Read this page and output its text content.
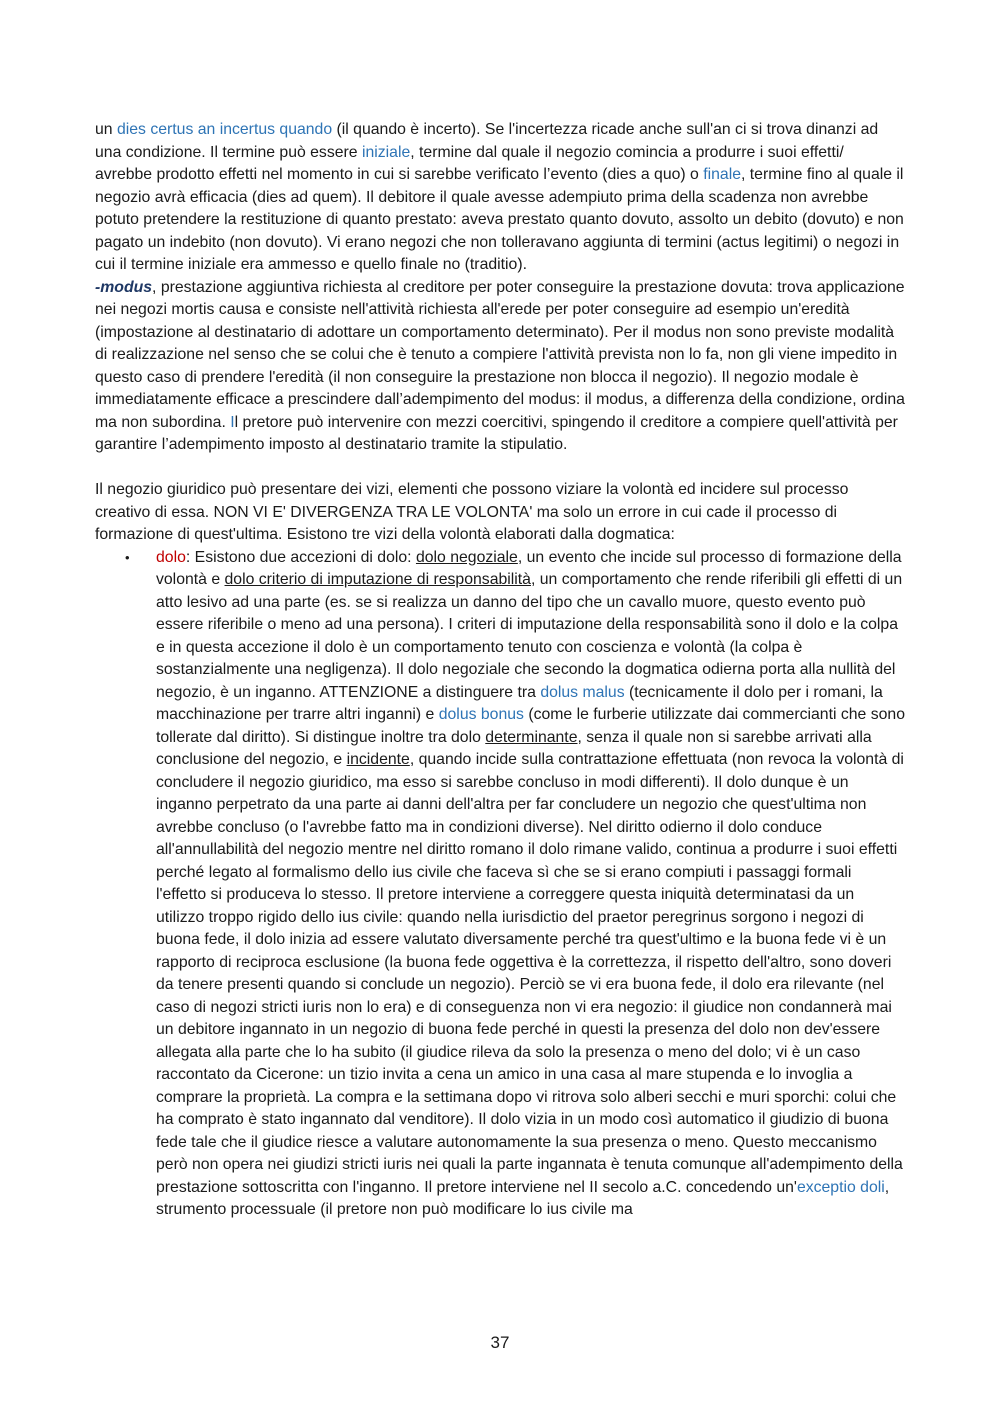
un dies certus an incertus quando (il quando è incerto). Se l'incertezza ricade anche sull'an ci si trova dinanzi ad una condizione. Il termine può essere iniziale, termine dal quale il negozio comincia a produrre i suoi effetti/ avrebbe prodotto effetti nel momento in cui si sarebbe verificato l’evento (dies a quo) o finale, termine fino al quale il negozio avrà efficacia (dies ad quem). Il debitore il quale avesse adempiuto prima della scadenza non avrebbe potuto pretendere la restituzione di quanto prestato: aveva prestato quanto dovuto, assolto un debito (dovuto) e non pagato un indebito (non dovuto). Vi erano negozi che non tolleravano aggiunta di termini (actus legitimi) o negozi in cui il termine iniziale era ammesso e quello finale no (traditio).

-modus, prestazione aggiuntiva richiesta al creditore per poter conseguire la prestazione dovuta: trova applicazione nei negozi mortis causa e consiste nell'attività richiesta all'erede per poter conseguire ad esempio un'eredità (impostazione al destinatario di adottare un comportamento determinato). Per il modus non sono previste modalità di realizzazione nel senso che se colui che è tenuto a compiere l'attività prevista non lo fa, non gli viene impedito in questo caso di prendere l'eredità (il non conseguire la prestazione non blocca il negozio). Il negozio modale è immediatamente efficace a prescindere dall’adempimento del modus: il modus, a differenza della condizione, ordina ma non subordina. Il pretore può intervenire con mezzi coercitivi, spingendo il creditore a compiere quell'attività per garantire l’adempimento imposto al destinatario tramite la stipulatio.

Il negozio giuridico può presentare dei vizi, elementi che possono viziare la volontà ed incidere sul processo creativo di essa. NON VI E' DIVERGENZA TRA LE VOLONTA' ma solo un errore in cui cade il processo di formazione di quest'ultima. Esistono tre vizi della volontà elaborati dalla dogmatica:

• dolo: Esistono due accezioni di dolo: dolo negoziale, un evento che incide sul processo di formazione della volontà e dolo criterio di imputazione di responsabilità, un comportamento che rende riferibili gli effetti di un atto lesivo ad una parte (es. se si realizza un danno del tipo che un cavallo muore, questo evento può essere riferibile o meno ad una persona). I criteri di imputazione della responsabilità sono il dolo e la colpa e in questa accezione il dolo è un comportamento tenuto con coscienza e volontà (la colpa è sostanzialmente una negligenza). Il dolo negoziale che secondo la dogmatica odierna porta alla nullità del negozio, è un inganno. ATTENZIONE a distinguere tra dolus malus (tecnicamente il dolo per i romani, la macchinazione per trarre altri inganni) e dolus bonus (come le furberie utilizzate dai commercianti che sono tollerate dal diritto). Si distingue inoltre tra dolo determinante, senza il quale non si sarebbe arrivati alla conclusione del negozio, e incidente, quando incide sulla contrattazione effettuata (non revoca la volontà di concludere il negozio giuridico, ma esso si sarebbe concluso in modi differenti). Il dolo dunque è un inganno perpetrato da una parte ai danni dell'altra per far concludere un negozio che quest'ultima non avrebbe concluso (o l'avrebbe fatto ma in condizioni diverse). Nel diritto odierno il dolo conduce all'annullabilità del negozio mentre nel diritto romano il dolo rimane valido, continua a produrre i suoi effetti perché legato al formalismo dello ius civile che faceva sì che se si erano compiuti i passaggi formali l'effetto si produceva lo stesso. Il pretore interviene a correggere questa iniquità determinatasi da un utilizzo troppo rigido dello ius civile: quando nella iurisdictio del praetor peregrinus sorgono i negozi di buona fede, il dolo inizia ad essere valutato diversamente perché tra quest'ultimo e la buona fede vi è un rapporto di reciproca esclusione (la buona fede oggettiva è la correttezza, il rispetto dell'altro, sono doveri da tenere presenti quando si conclude un negozio). Perciò se vi era buona fede, il dolo era rilevante (nel caso di negozi stricti iuris non lo era) e di conseguenza non vi era negozio: il giudice non condannerà mai un debitore ingannato in un negozio di buona fede perché in questi la presenza del dolo non dev'essere allegata alla parte che lo ha subito (il giudice rileva da solo la presenza o meno del dolo; vi è un caso raccontato da Cicerone: un tizio invita a cena un amico in una casa al mare stupenda e lo invoglia a comprare la proprietà. La compra e la settimana dopo vi ritrova solo alberi secchi e muri sporchi: colui che ha comprato è stato ingannato dal venditore). Il dolo vizia in un modo così automatico il giudizio di buona fede tale che il giudice riesce a valutare autonomamente la sua presenza o meno. Questo meccanismo però non opera nei giudizi stricti iuris nei quali la parte ingannata è tenuta comunque all'adempimento della prestazione sottoscritta con l'inganno. Il pretore interviene nel II secolo a.C. concedendo un'exceptio doli, strumento processuale (il pretore non può modificare lo ius civile ma
37
